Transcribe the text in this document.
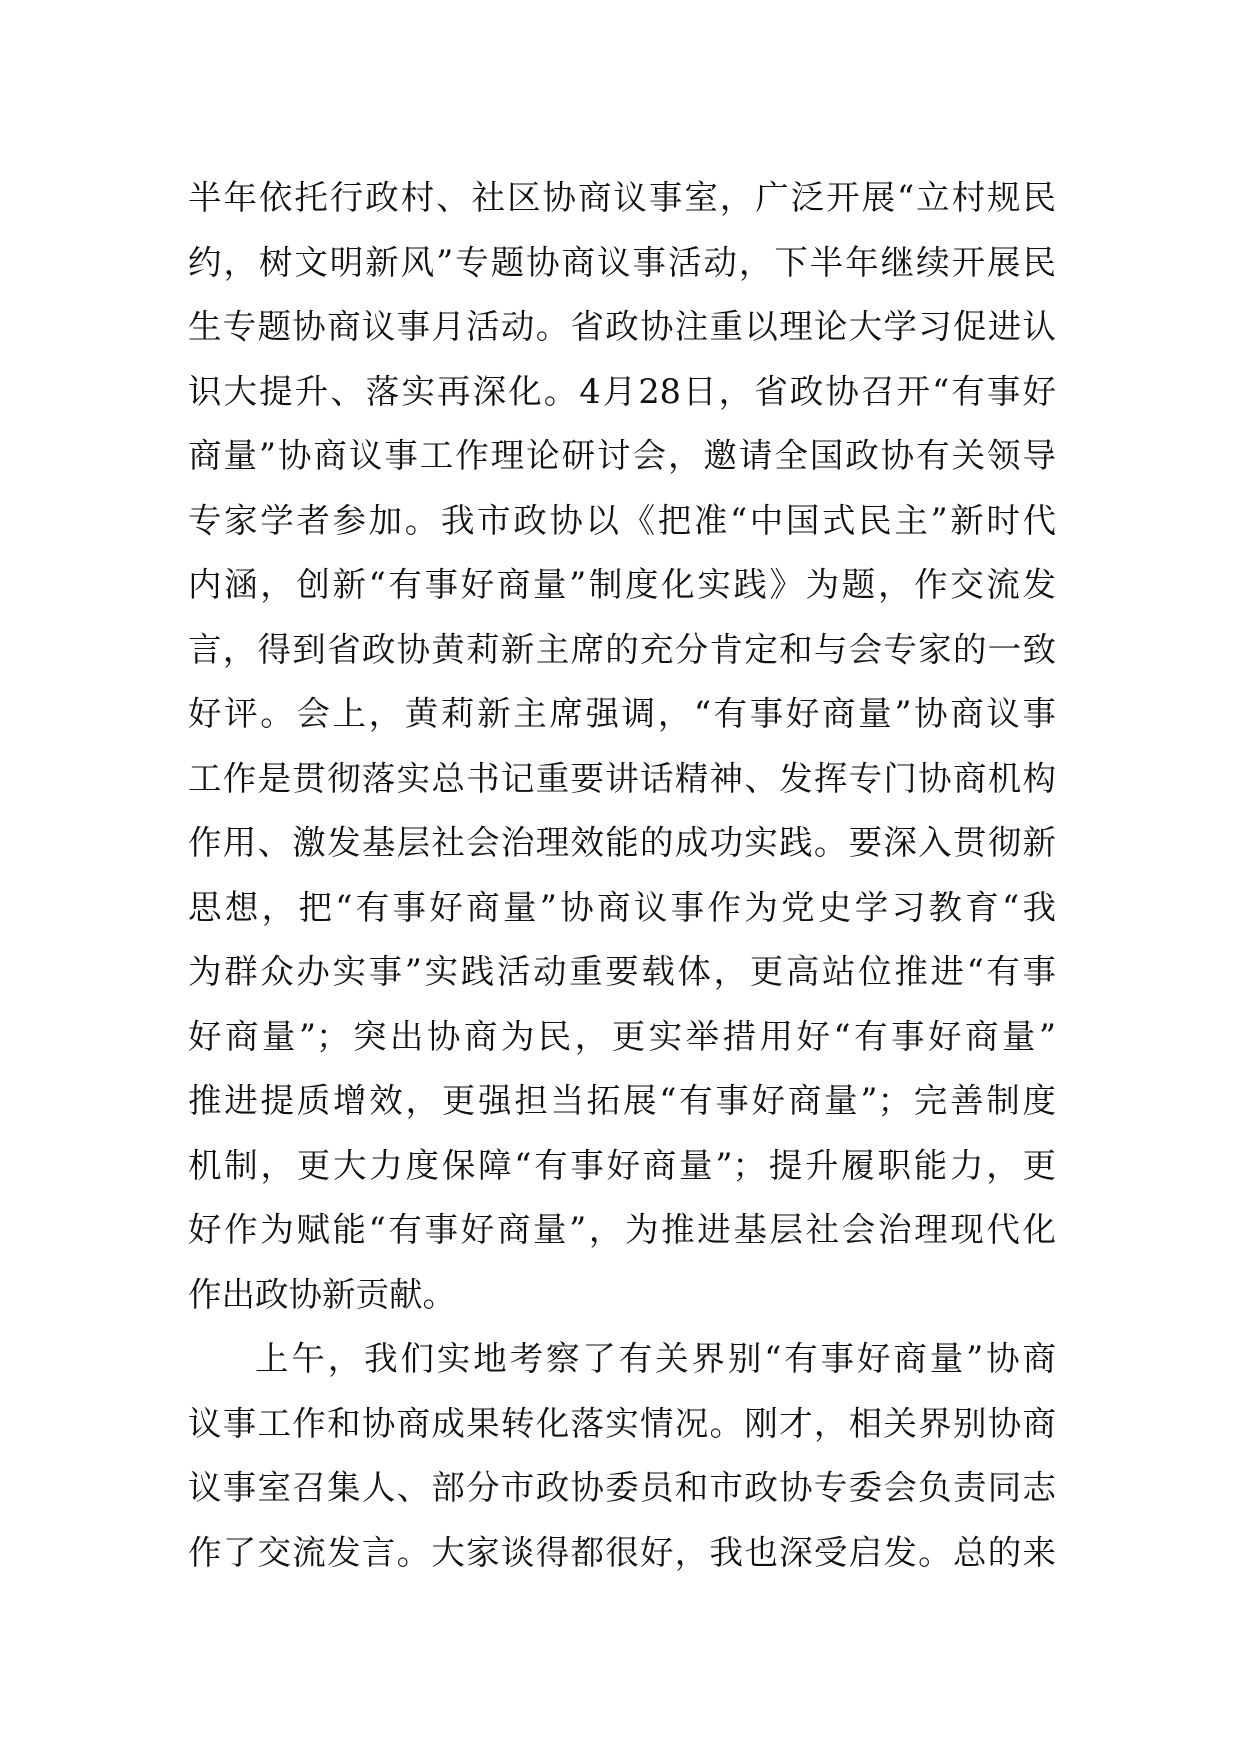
半年依托行政村、社区协商议事室，广泛开展“立村规民
约，树文明新风”专题协商议事活动，下半年继续开展民
生专题协商议事月活动。省政协注重以理论大学习促进认
识大提升、落实再深化。4月28日，省政协召开“有事好
商量”协商议事工作理论研讨会，邀请全国政协有关领导
专家学者参加。我市政协以《把准“中国式民主”新时代
内涵，创新“有事好商量”制度化实践》为题，作交流发
言，得到省政协黄莉新主席的充分肯定和与会专家的一致
好评。会上，黄莉新主席强调，“有事好商量”协商议事
工作是贯彻落实总书记重要讲话精神、发挥专门协商机构
作用、激发基层社会治理效能的成功实践。要深入贯彻新
思想，把“有事好商量”协商议事作为党史学习教育“我
为群众办实事”实践活动重要载体，更高站位推进“有事
好商量”；突出协商为民，更实举措用好“有事好商量”
推进提质增效，更强担当拓展“有事好商量”；完善制度
机制，更大力度保障“有事好商量”；提升履职能力，更
好作为赋能“有事好商量”，为推进基层社会治理现代化
作出政协新贡献。
上午，我们实地考察了有关界别“有事好商量”协商
议事工作和协商成果转化落实情况。刚才，相关界别协商
议事室召集人、部分市政协委员和市政协专委会负责同志
作了交流发言。大家谈得都很好，我也深受启发。总的来
